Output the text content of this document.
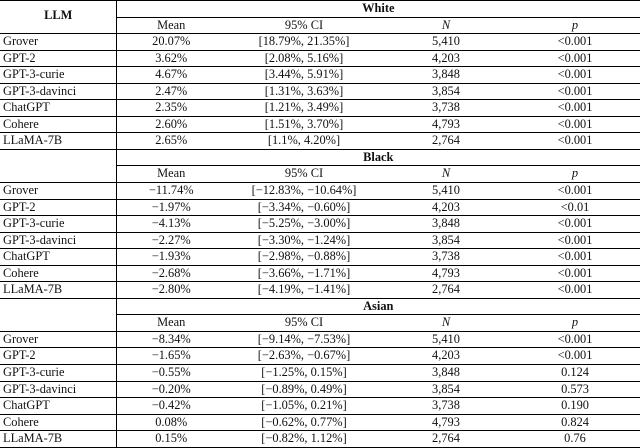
LLM	White			
	Mean	95% CI	N	p
Grover	20.07%	[18.79%, 21.35%]	5,410	<0.001
GPT-2	3.62%	[2.08%, 5.16%]	4,203	<0.001
GPT-3-curie	4.67%	[3.44%, 5.91%]	3,848	<0.001
GPT-3-davinci	2.47%	[1.31%, 3.63%]	3,854	<0.001
ChatGPT	2.35%	[1.21%, 3.49%]	3,738	<0.001
Cohere	2.60%	[1.51%, 3.70%]	4,793	<0.001
LLaMA-7B	2.65%	[1.1%, 4.20%]	2,764	<0.001
	Black			
	Mean	95% CI	N	p
Grover	−11.74%	[−12.83%, −10.64%]	5,410	<0.001
GPT-2	−1.97%	[−3.34%, −0.60%]	4,203	<0.01
GPT-3-curie	−4.13%	[−5.25%, −3.00%]	3,848	<0.001
GPT-3-davinci	−2.27%	[−3.30%, −1.24%]	3,854	<0.001
ChatGPT	−1.93%	[−2.98%, −0.88%]	3,738	<0.001
Cohere	−2.68%	[−3.66%, −1.71%]	4,793	<0.001
LLaMA-7B	−2.80%	[−4.19%, −1.41%]	2,764	<0.001
	Asian			
	Mean	95% CI	N	p
Grover	−8.34%	[−9.14%, −7.53%]	5,410	<0.001
GPT-2	−1.65%	[−2.63%, −0.67%]	4,203	<0.001
GPT-3-curie	−0.55%	[−1.25%, 0.15%]	3,848	0.124
GPT-3-davinci	−0.20%	[−0.89%, 0.49%]	3,854	0.573
ChatGPT	−0.42%	[−1.05%, 0.21%]	3,738	0.190
Cohere	0.08%	[−0.62%, 0.77%]	4,793	0.824
LLaMA-7B	0.15%	[−0.82%, 1.12%]	2,764	0.76
